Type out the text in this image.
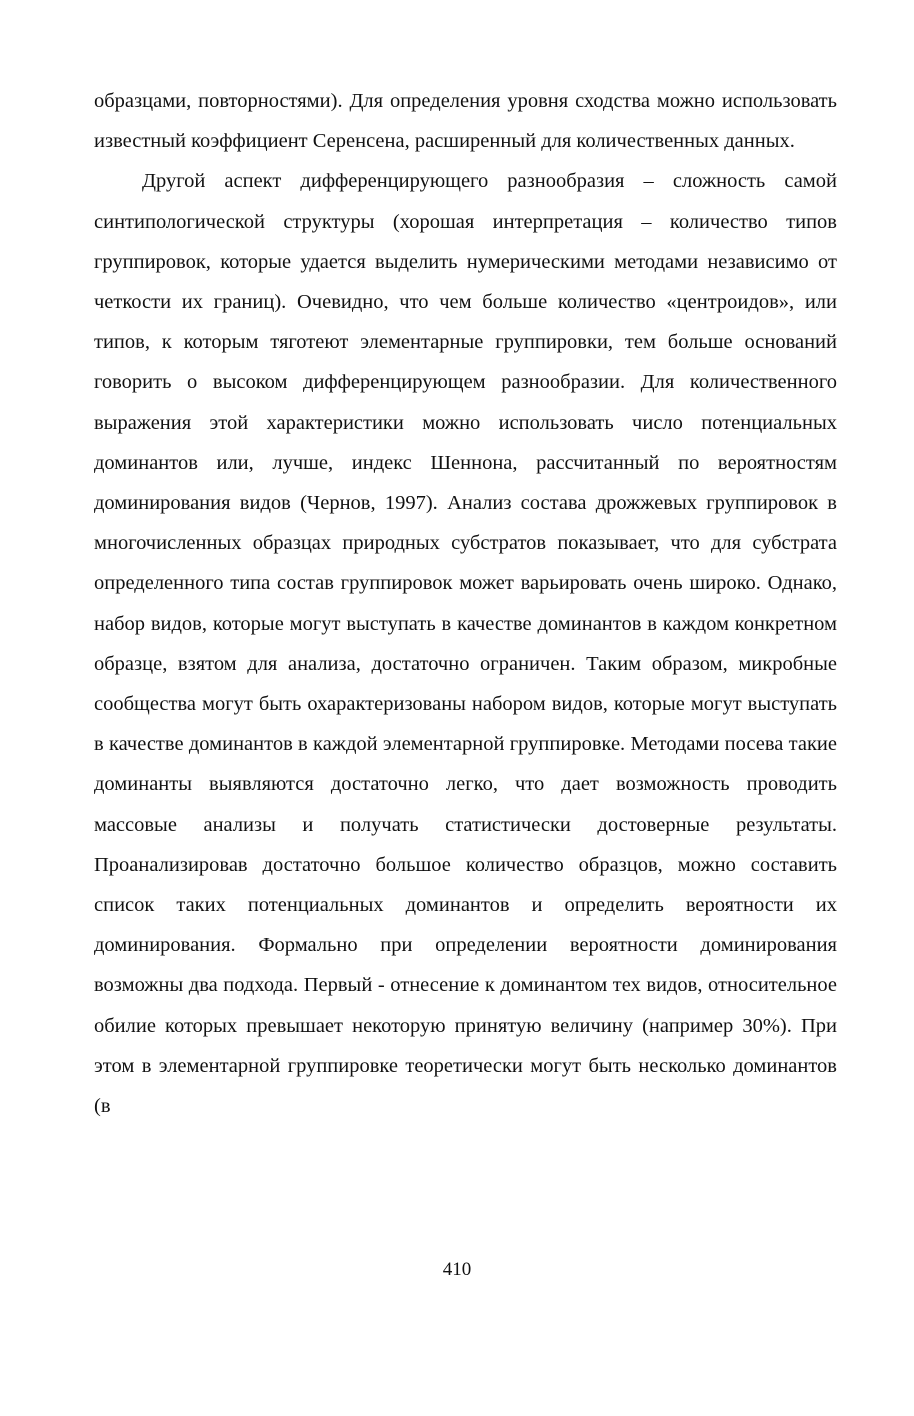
образцами, повторностями). Для определения уровня сходства можно использовать известный коэффициент Серенсена, расширенный для количественных данных.

Другой аспект дифференцирующего разнообразия – сложность самой синтипологической структуры (хорошая интерпретация – количество типов группировок, которые удается выделить нумерическими методами независимо от четкости их границ). Очевидно, что чем больше количество «центроидов», или типов, к которым тяготеют элементарные группировки, тем больше оснований говорить о высоком дифференцирующем разнообразии. Для количественного выражения этой характеристики можно использовать число потенциальных доминантов или, лучше, индекс Шеннона, рассчитанный по вероятностям доминирования видов (Чернов, 1997). Анализ состава дрожжевых группировок в многочисленных образцах природных субстратов показывает, что для субстрата определенного типа состав группировок может варьировать очень широко. Однако, набор видов, которые могут выступать в качестве доминантов в каждом конкретном образце, взятом для анализа, достаточно ограничен. Таким образом, микробные сообщества могут быть охарактеризованы набором видов, которые могут выступать в качестве доминантов в каждой элементарной группировке. Методами посева такие доминанты выявляются достаточно легко, что дает возможность проводить массовые анализы и получать статистически достоверные результаты. Проанализировав достаточно большое количество образцов, можно составить список таких потенциальных доминантов и определить вероятности их доминирования. Формально при определении вероятности доминирования возможны два подхода. Первый - отнесение к доминантом тех видов, относительное обилие которых превышает некоторую принятую величину (например 30%). При этом в элементарной группировке теоретически могут быть несколько доминантов (в

410
